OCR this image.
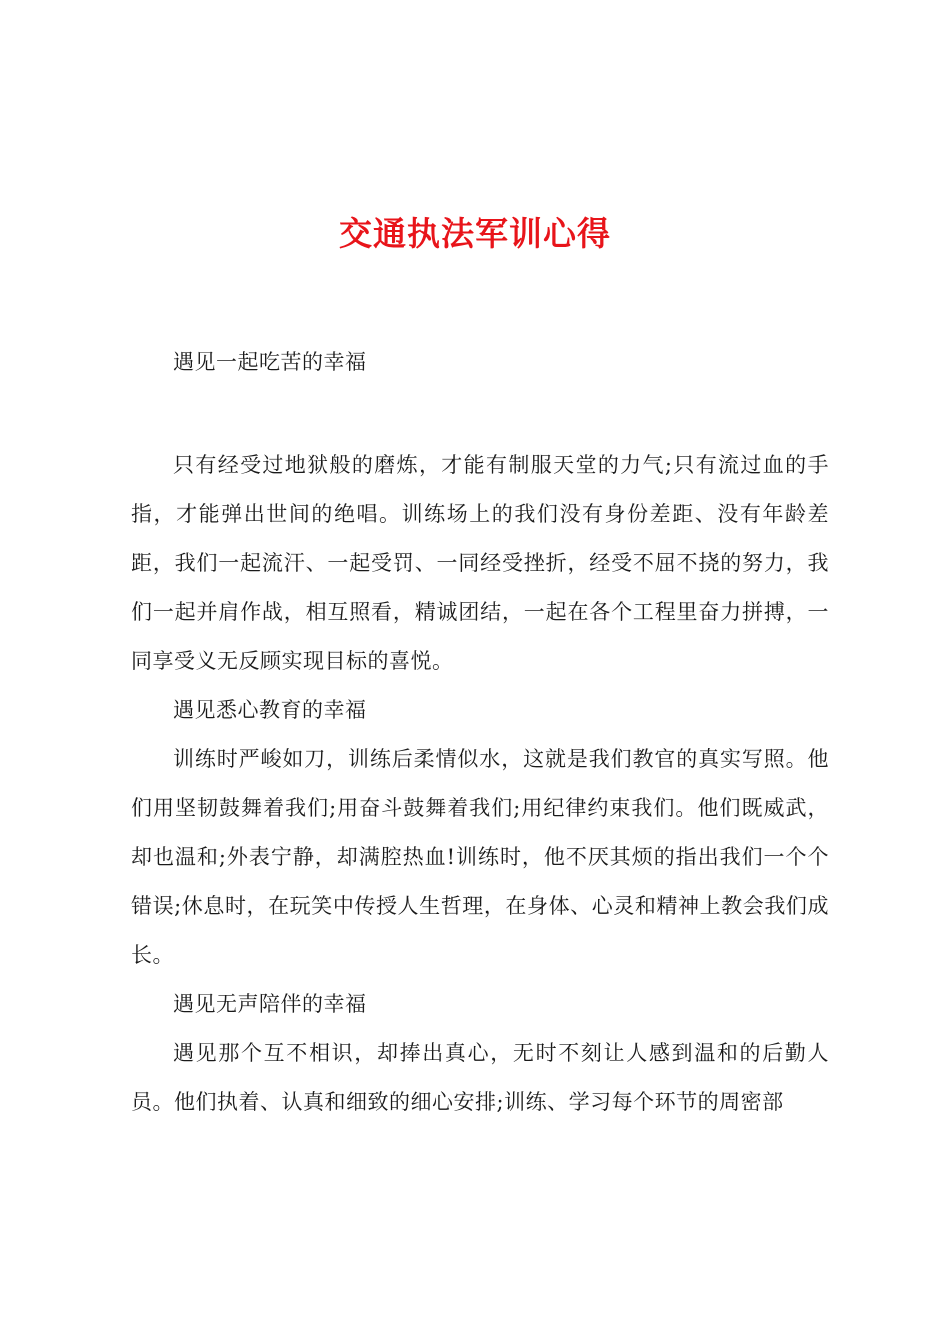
交通执法军训心得

遇见一起吃苦的幸福

只有经受过地狱般的磨炼，才能有制服天堂的力气;只有流过血的手指，才能弹出世间的绝唱。训练场上的我们没有身份差距、没有年龄差距，我们一起流汗、一起受罚、一同经受挫折，经受不屈不挠的努力，我们一起并肩作战，相互照看，精诚团结，一起在各个工程里奋力拼搏，一同享受义无反顾实现目标的喜悦。

遇见悉心教育的幸福

训练时严峻如刀，训练后柔情似水，这就是我们教官的真实写照。他们用坚韧鼓舞着我们;用奋斗鼓舞着我们;用纪律约束我们。他们既威武，却也温和;外表宁静，却满腔热血!训练时，他不厌其烦的指出我们一个个错误;休息时，在玩笑中传授人生哲理，在身体、心灵和精神上教会我们成长。

遇见无声陪伴的幸福

遇见那个互不相识，却捧出真心，无时不刻让人感到温和的后勤人员。他们执着、认真和细致的细心安排;训练、学习每个环节的周密部
